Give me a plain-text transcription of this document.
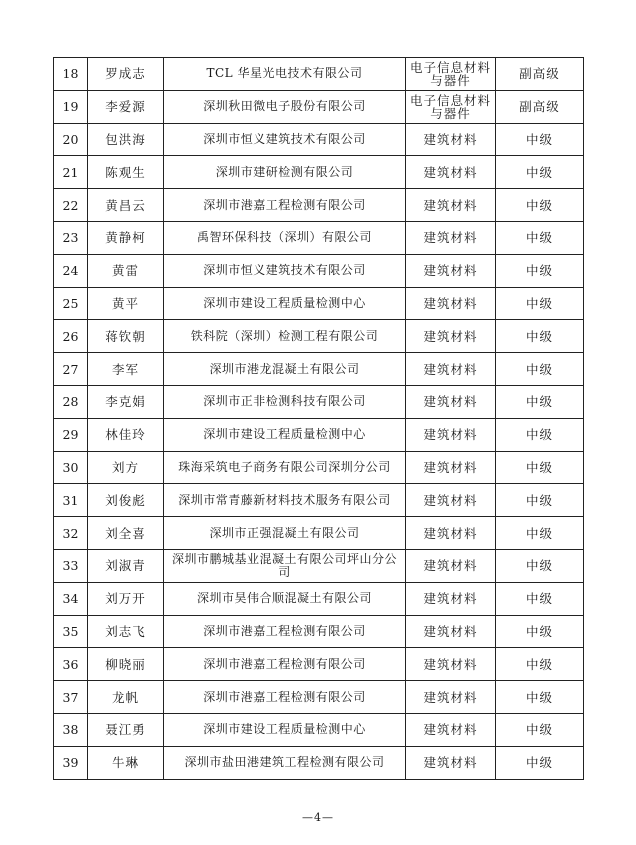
18	罗成志	TCL 华星光电技术有限公司	电子信息材料与器件	副高级
19	李爱源	深圳秋田微电子股份有限公司	电子信息材料与器件	副高级
20	包洪海	深圳市恒义建筑技术有限公司	建筑材料	中级
21	陈观生	深圳市建研检测有限公司	建筑材料	中级
22	黄昌云	深圳市港嘉工程检测有限公司	建筑材料	中级
23	黄静柯	禹智环保科技（深圳）有限公司	建筑材料	中级
24	黄雷	深圳市恒义建筑技术有限公司	建筑材料	中级
25	黄平	深圳市建设工程质量检测中心	建筑材料	中级
26	蒋钦朝	铁科院（深圳）检测工程有限公司	建筑材料	中级
27	李军	深圳市港龙混凝土有限公司	建筑材料	中级
28	李克娟	深圳市正非检测科技有限公司	建筑材料	中级
29	林佳玲	深圳市建设工程质量检测中心	建筑材料	中级
30	刘方	珠海采筑电子商务有限公司深圳分公司	建筑材料	中级
31	刘俊彪	深圳市常青藤新材料技术服务有限公司	建筑材料	中级
32	刘全喜	深圳市正强混凝土有限公司	建筑材料	中级
33	刘淑青	深圳市鹏城基业混凝土有限公司坪山分公司	建筑材料	中级
34	刘万开	深圳市昊伟合顺混凝土有限公司	建筑材料	中级
35	刘志飞	深圳市港嘉工程检测有限公司	建筑材料	中级
36	柳晓丽	深圳市港嘉工程检测有限公司	建筑材料	中级
37	龙帆	深圳市港嘉工程检测有限公司	建筑材料	中级
38	聂江勇	深圳市建设工程质量检测中心	建筑材料	中级
39	牛琳	深圳市盐田港建筑工程检测有限公司	建筑材料	中级
—4—
